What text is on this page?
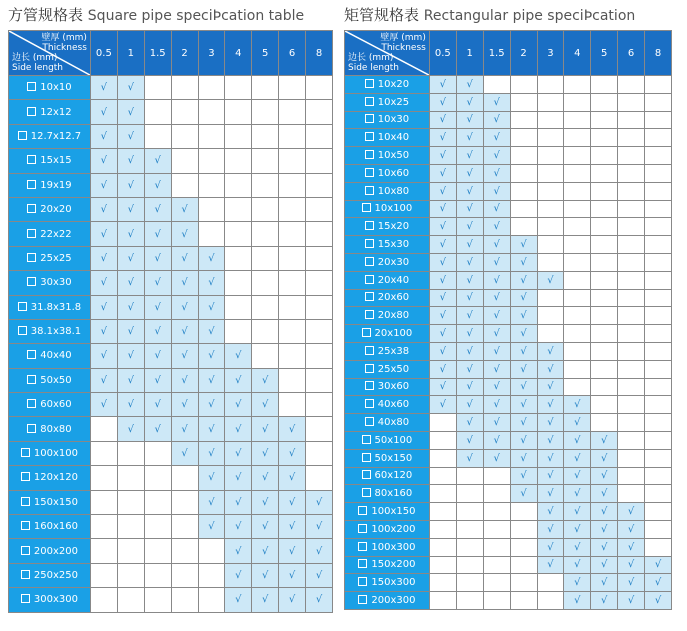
方管规格表 Square pipe speciÞcation table
壁厚 (mm)
Thickness
边长 (mm)
Side length	0.5	1	1.5	2	3	4	5	6	8
10x10	√	√							
12x12	√	√							
12.7x12.7	√	√							
15x15	√	√	√						
19x19	√	√	√						
20x20	√	√	√	√					
22x22	√	√	√	√					
25x25	√	√	√	√	√				
30x30	√	√	√	√	√				
31.8x31.8	√	√	√	√	√				
38.1x38.1	√	√	√	√	√				
40x40	√	√	√	√	√	√			
50x50	√	√	√	√	√	√	√		
60x60	√	√	√	√	√	√	√		
80x80		√	√	√	√	√	√	√	
100x100				√	√	√	√	√	
120x120					√	√	√	√	
150x150					√	√	√	√	√
160x160					√	√	√	√	√
200x200						√	√	√	√
250x250						√	√	√	√
300x300						√	√	√	√
矩管规格表 Rectangular pipe speciÞcation
壁厚 (mm)
Thickness
边长 (mm)
Side length	0.5	1	1.5	2	3	4	5	6	8
10x20	√	√							
10x25	√	√	√						
10x30	√	√	√						
10x40	√	√	√						
10x50	√	√	√						
10x60	√	√	√						
10x80	√	√	√						
10x100	√	√	√						
15x20	√	√	√						
15x30	√	√	√	√					
20x30	√	√	√	√					
20x40	√	√	√	√	√				
20x60	√	√	√	√					
20x80	√	√	√	√					
20x100	√	√	√	√					
25x38	√	√	√	√	√				
25x50	√	√	√	√	√				
30x60	√	√	√	√	√				
40x60	√	√	√	√	√	√			
40x80		√	√	√	√	√			
50x100		√	√	√	√	√	√		
50x150		√	√	√	√	√	√		
60x120				√	√	√	√		
80x160				√	√	√	√		
100x150					√	√	√	√	
100x200					√	√	√	√	
100x300					√	√	√	√	
150x200					√	√	√	√	√
150x300						√	√	√	√
200x300						√	√	√	√
